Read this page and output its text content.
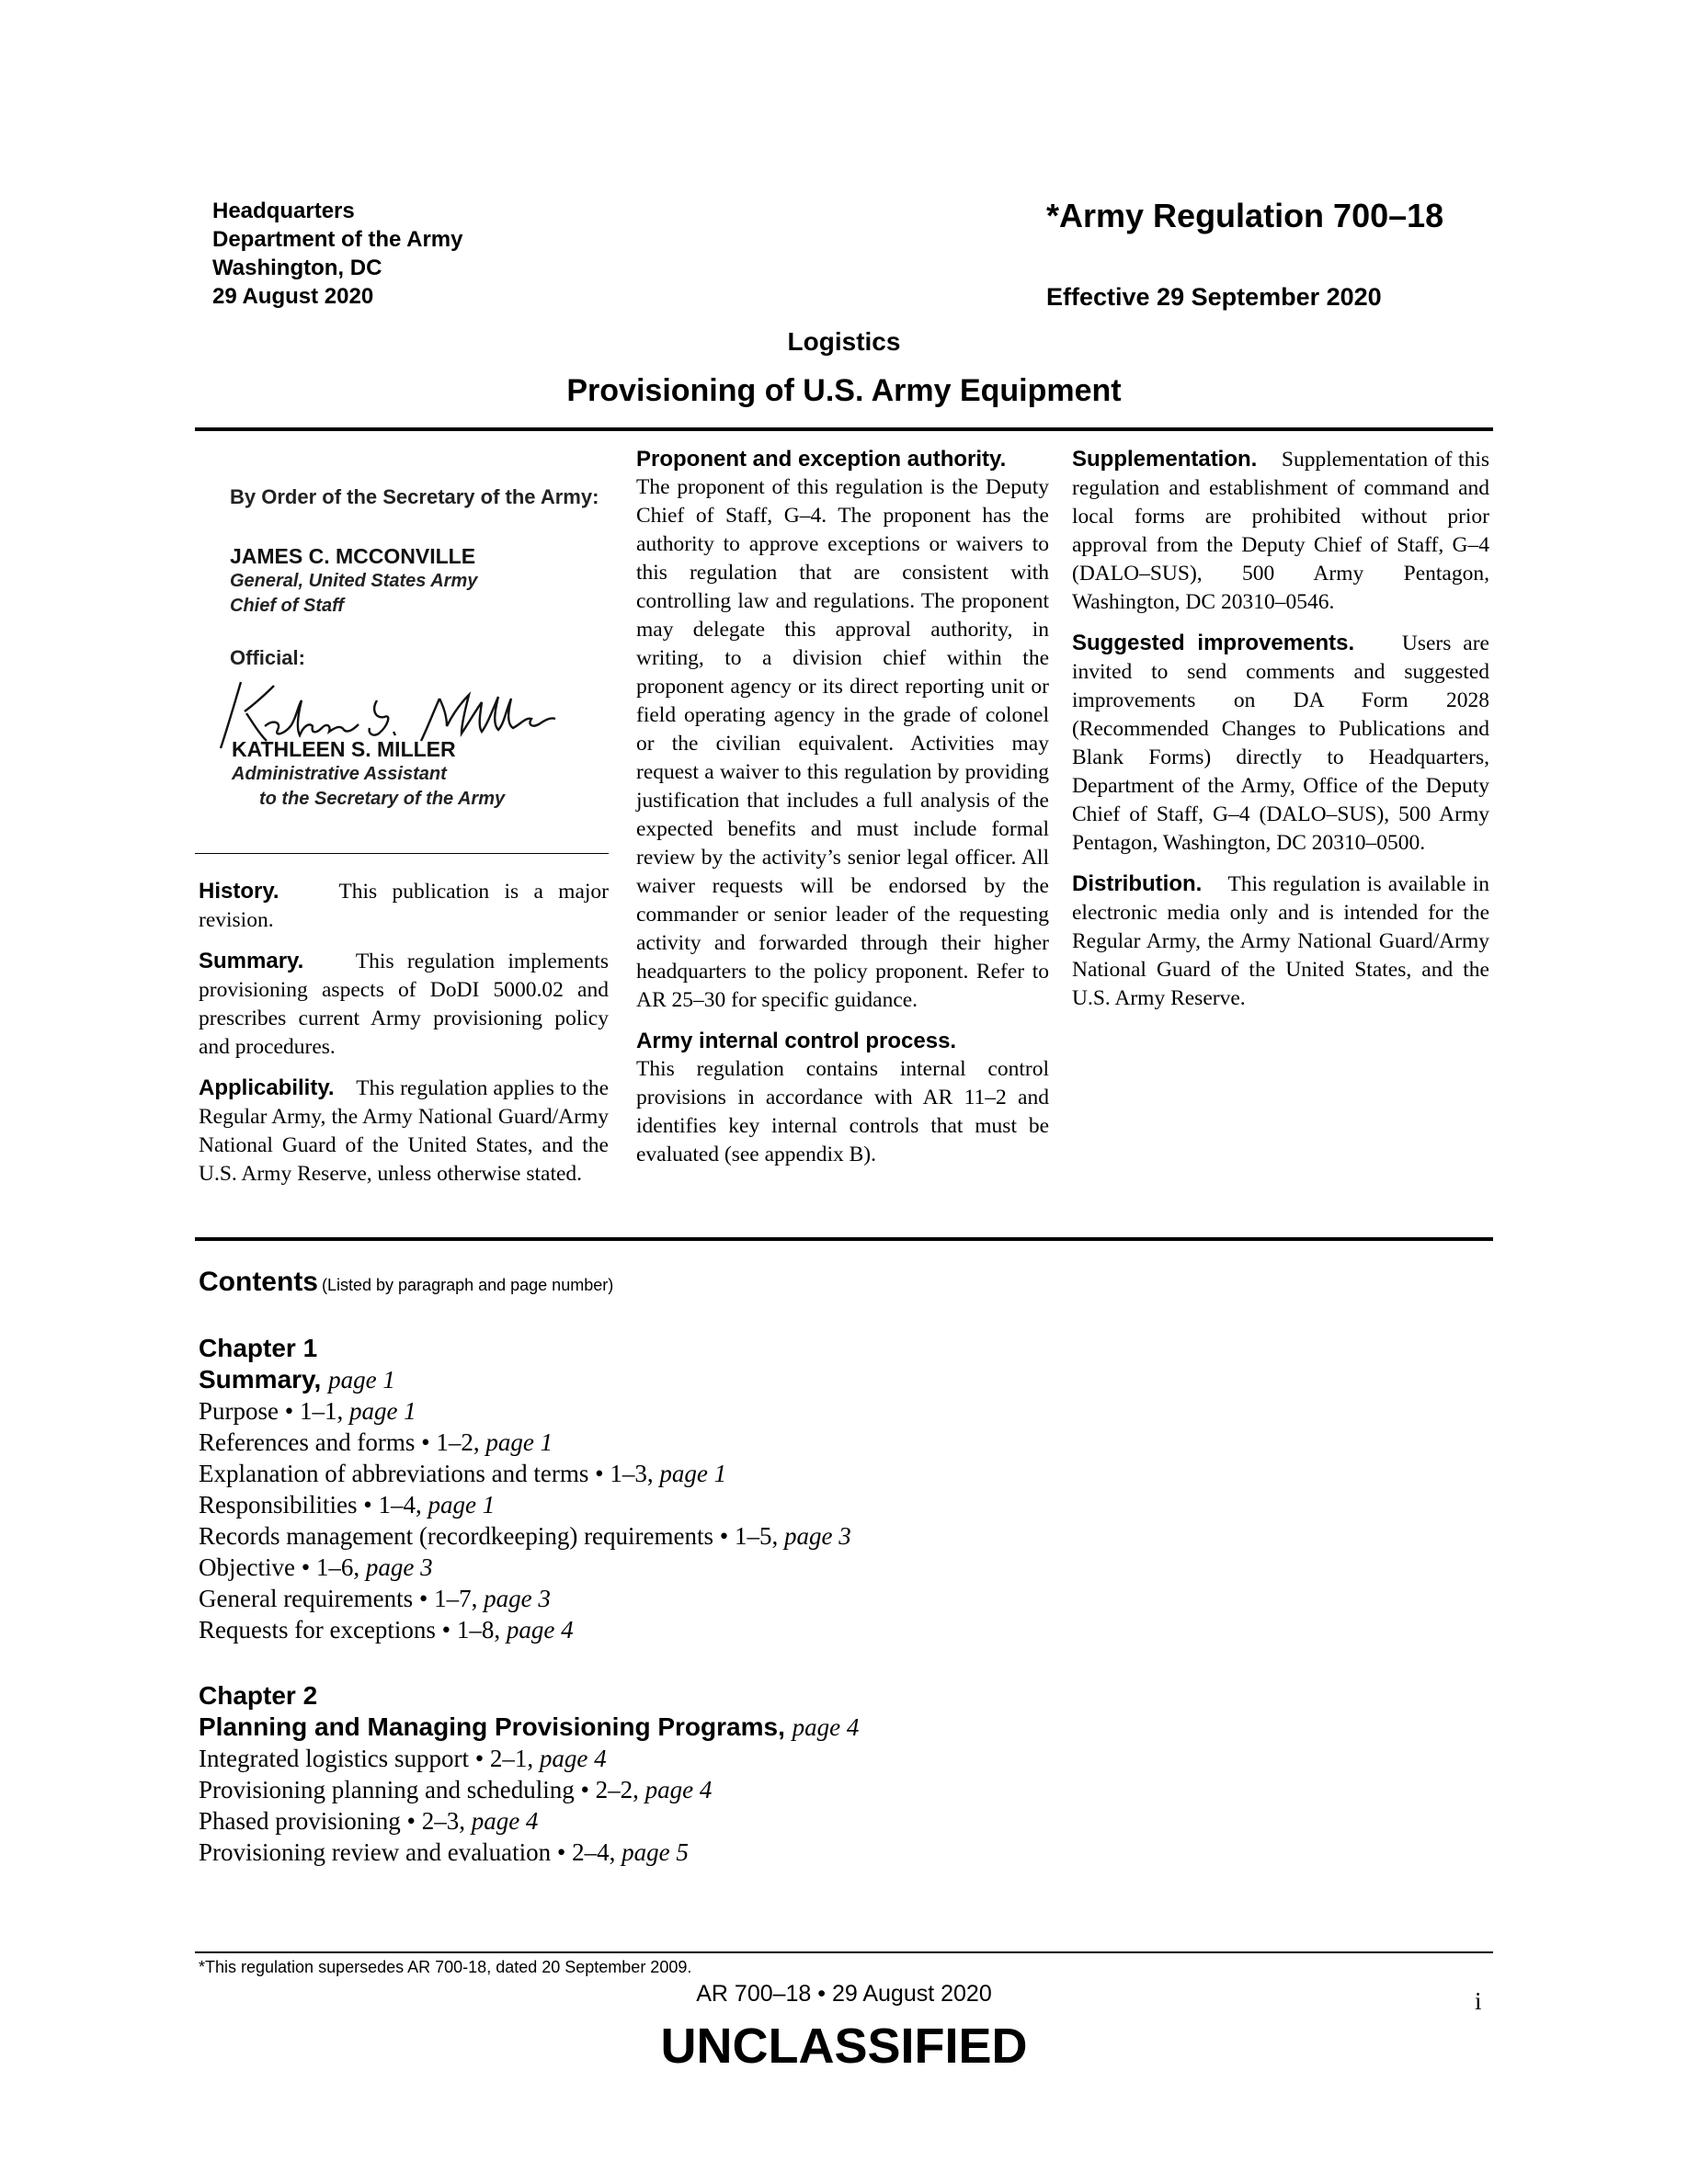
Headquarters
Department of the Army
Washington, DC
29 August 2020
*Army Regulation 700–18
Effective 29 September 2020
Logistics
Provisioning of U.S. Army Equipment
By Order of the Secretary of the Army:
JAMES C. MCCONVILLE
General, United States Army
Chief of Staff
Official:
KATHLEEN S. MILLER
Administrative Assistant
to the Secretary of the Army

History.	This publication is a major revision.

Summary. This regulation implements provisioning aspects of DoDI 5000.02 and prescribes current Army provisioning policy and procedures.

Applicability. This regulation applies to the Regular Army, the Army National Guard/Army National Guard of the United States, and the U.S. Army Reserve, unless otherwise stated.

Proponent and exception authority.
The proponent of this regulation is the Deputy Chief of Staff, G–4. The proponent has the authority to approve exceptions or waivers to this regulation that are consistent with controlling law and regulations. The proponent may delegate this approval authority, in writing, to a division chief within the proponent agency or its direct reporting unit or field operating agency in the grade of colonel or the civilian equivalent. Activities may request a waiver to this regulation by providing justification that includes a full analysis of the expected benefits and must include formal review by the activity’s senior legal officer. All waiver requests will be endorsed by the commander or senior leader of the requesting activity and forwarded through their higher headquarters to the policy proponent. Refer to AR 25–30 for specific guidance.

Army internal control process.
This regulation contains internal control provisions in accordance with AR 11–2 and identifies key internal controls that must be evaluated (see appendix B).

Supplementation. Supplementation of this regulation and establishment of command and local forms are prohibited without prior approval from the Deputy Chief of Staff, G–4 (DALO–SUS), 500 Army Pentagon, Washington, DC 20310–0546.

Suggested improvements. Users are invited to send comments and suggested improvements on DA Form 2028 (Recommended Changes to Publications and Blank Forms) directly to Headquarters, Department of the Army, Office of the Deputy Chief of Staff, G–4 (DALO–SUS), 500 Army Pentagon, Washington, DC 20310–0500.

Distribution. This regulation is available in electronic media only and is intended for the Regular Army, the Army National Guard/Army National Guard of the United States, and the U.S. Army Reserve.

Contents (Listed by paragraph and page number)
Chapter 1
Summary, page 1
Purpose • 1–1, page 1
References and forms • 1–2, page 1
Explanation of abbreviations and terms • 1–3, page 1
Responsibilities • 1–4, page 1
Records management (recordkeeping) requirements • 1–5, page 3
Objective • 1–6, page 3
General requirements • 1–7, page 3
Requests for exceptions • 1–8, page 4
Chapter 2
Planning and Managing Provisioning Programs, page 4
Integrated logistics support • 2–1, page 4
Provisioning planning and scheduling • 2–2, page 4
Phased provisioning • 2–3, page 4
Provisioning review and evaluation • 2–4, page 5
*This regulation supersedes AR 700-18, dated 20 September 2009.
AR 700–18 • 29 August 2020	i
UNCLASSIFIED
